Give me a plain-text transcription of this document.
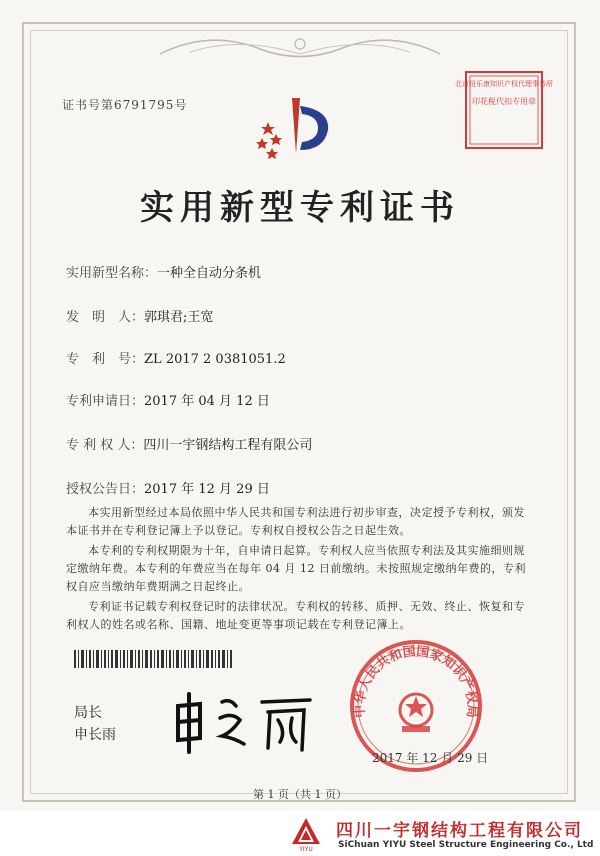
证书号第6791795号
北京纽乐康知识产权代理事务所
印花税代扣专用章
实用新型专利证书
实用新型名称：一种全自动分条机
发　明　人：郭琪君;王宽
专　利　号：ZL 2017 2 0381051.2
专利申请日：2017 年 04 月 12 日
专 利 权 人：四川一宇钢结构工程有限公司
授权公告日：2017 年 12 月 29 日
本实用新型经过本局依照中华人民共和国专利法进行初步审查，决定授予专利权，颁发本证书并在专利登记簿上予以登记。专利权自授权公告之日起生效。
本专利的专利权期限为十年，自申请日起算。专利权人应当依照专利法及其实施细则规定缴纳年费。本专利的年费应当在每年 04 月 12 日前缴纳。未按照规定缴纳年费的，专利权自应当缴纳年费期满之日起终止。
专利证书记载专利权登记时的法律状况。专利权的转移、质押、无效、终止、恢复和专利权人的姓名或名称、国籍、地址变更等事项记载在专利登记簿上。
局长
申长雨
中华人民共和国国家知识产权局
2017 年 12 月 29 日
第 1 页（共 1 页）
YIYU
四川一宇钢结构工程有限公司
SiChuan YIYU Steel Structure Engineering Co., Ltd
